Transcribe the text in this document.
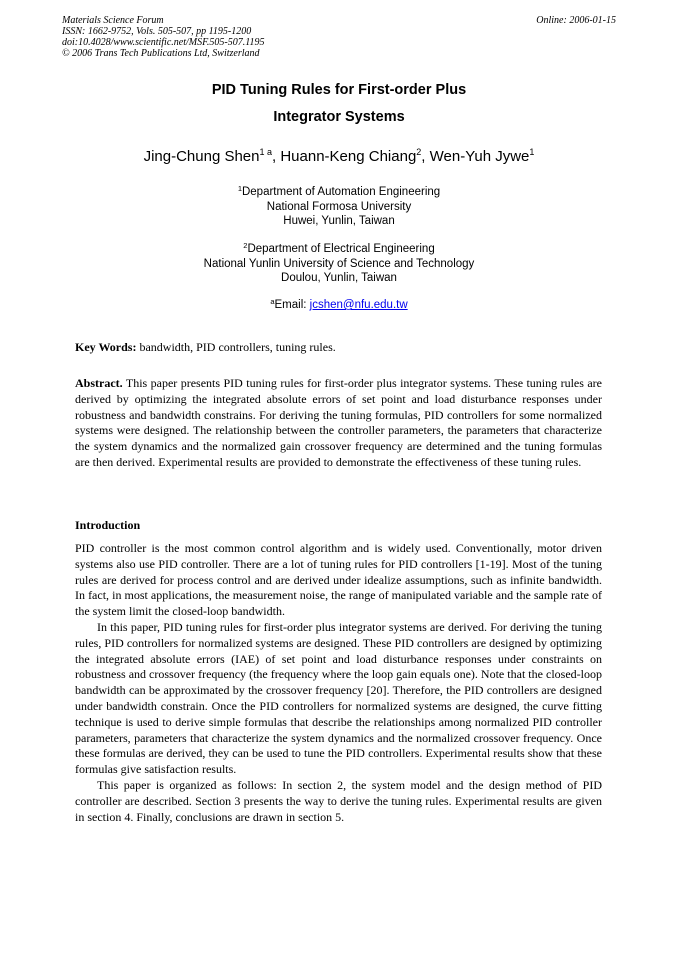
Materials Science Forum
ISSN: 1662-9752, Vols. 505-507, pp 1195-1200
doi:10.4028/www.scientific.net/MSF.505-507.1195
© 2006 Trans Tech Publications Ltd, Switzerland
Online: 2006-01-15
PID Tuning Rules for First-order Plus
Integrator Systems
Jing-Chung Shen$^{1 a}$, Huann-Keng Chiang$^2$, Wen-Yuh Jywe$^1$
$^1$Department of Automation Engineering
National Formosa University
Huwei, Yunlin, Taiwan
$^2$Department of Electrical Engineering
National Yunlin University of Science and Technology
Doulou, Yunlin, Taiwan
$^a$Email: jcshen@nfu.edu.tw
Key Words: bandwidth, PID controllers, tuning rules.
Abstract. This paper presents PID tuning rules for first-order plus integrator systems. These tuning rules are derived by optimizing the integrated absolute errors of set point and load disturbance responses under robustness and bandwidth constrains. For deriving the tuning formulas, PID controllers for some normalized systems were designed. The relationship between the controller parameters, the parameters that characterize the system dynamics and the normalized gain crossover frequency are determined and the tuning formulas are then derived. Experimental results are provided to demonstrate the effectiveness of these tuning rules.
Introduction

PID controller is the most common control algorithm and is widely used. Conventionally, motor driven systems also use PID controller. There are a lot of tuning rules for PID controllers [1-19]. Most of the tuning rules are derived for process control and are derived under idealize assumptions, such as infinite bandwidth. In fact, in most applications, the measurement noise, the range of manipulated variable and the sample rate of the system limit the closed-loop bandwidth.

In this paper, PID tuning rules for first-order plus integrator systems are derived. For deriving the tuning rules, PID controllers for normalized systems are designed. These PID controllers are designed by optimizing the integrated absolute errors (IAE) of set point and load disturbance responses under constraints on robustness and crossover frequency (the frequency where the loop gain equals one). Note that the closed-loop bandwidth can be approximated by the crossover frequency [20]. Therefore, the PID controllers are designed under bandwidth constrain. Once the PID controllers for normalized systems are designed, the curve fitting technique is used to derive simple formulas that describe the relationships among normalized PID controller parameters, parameters that characterize the system dynamics and the normalized crossover frequency. Once these formulas are derived, they can be used to tune the PID controllers. Experimental results show that these formulas give satisfaction results.

This paper is organized as follows: In section 2, the system model and the design method of PID controller are described. Section 3 presents the way to derive the tuning rules. Experimental results are given in section 4. Finally, conclusions are drawn in section 5.
